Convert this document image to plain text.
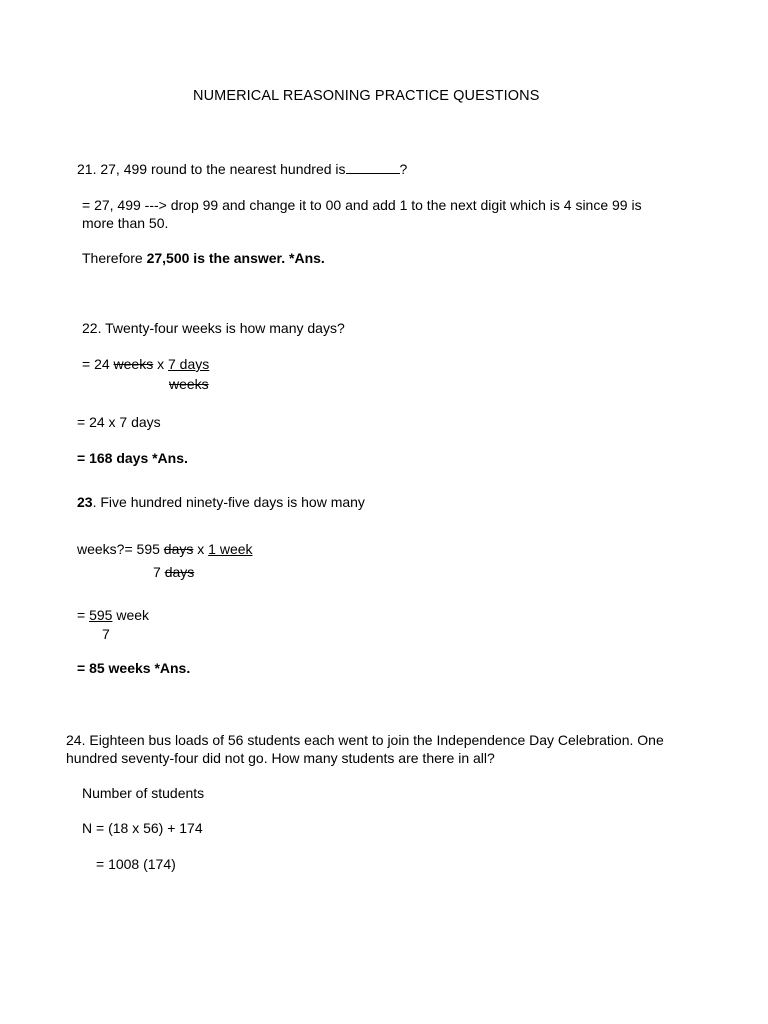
NUMERICAL REASONING PRACTICE QUESTIONS
21. 27, 499 round to the nearest hundred is	?
= 27, 499 ---> drop 99 and change it to 00 and add 1 to the next digit which is 4 since 99 is
more than 50.
Therefore 27,500 is the answer. *Ans.
22. Twenty-four weeks is how many days?
= 24 weeks x 7 days
weeks
= 24 x 7 days
= 168 days *Ans.
23. Five hundred ninety-five days is how many
weeks?= 595 days x 1 week
7 days
= 595 week
7
= 85 weeks *Ans.
24. Eighteen bus loads of 56 students each went to join the Independence Day Celebration. One
hundred seventy-four did not go. How many students are there in all?
Number of students
N = (18 x 56) + 174
= 1008 (174)
